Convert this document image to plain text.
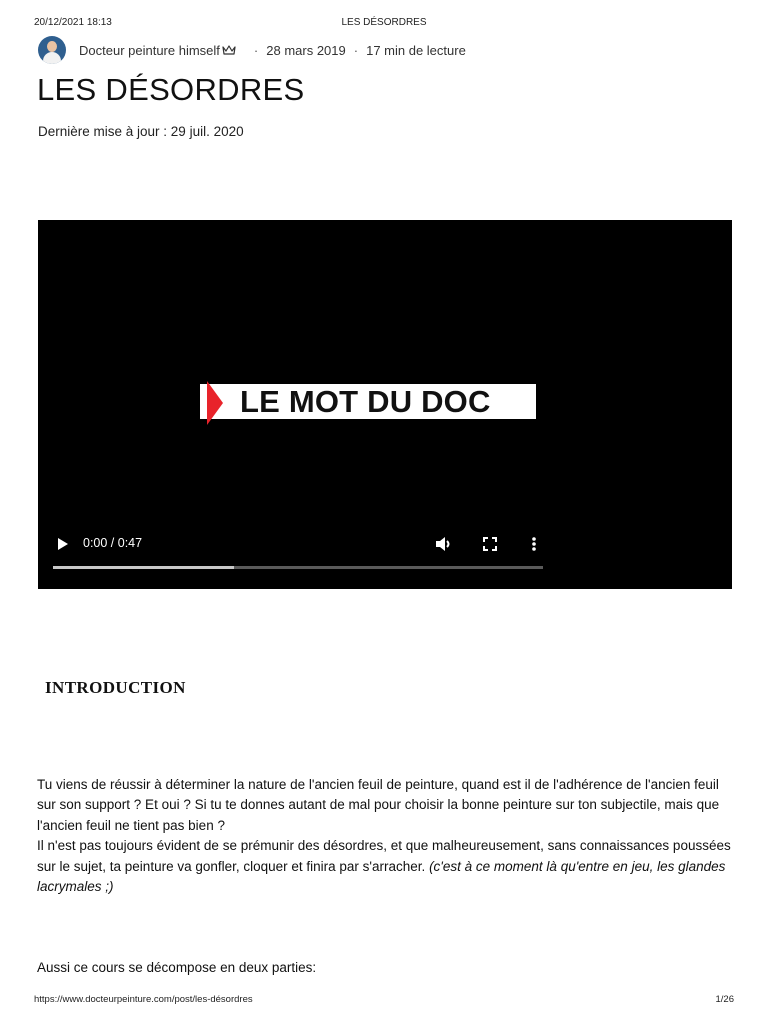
20/12/2021 18:13	LES DÉSORDRES
Docteur peinture himself	· 28 mars 2019 · 17 min de lecture
LES DÉSORDRES
Dernière mise à jour : 29 juil. 2020
LE MOT DU DOC
0:00 / 0:47
INTRODUCTION

Tu viens de réussir à déterminer la nature de l'ancien feuil de peinture, quand est il de l'adhérence de l'ancien feuil sur son support ? Et oui ? Si tu te donnes autant de mal pour choisir la bonne peinture sur ton subjectile, mais que l'ancien feuil ne tient pas bien ?

Il n'est pas toujours évident de se prémunir des désordres, et que malheureusement, sans connaissances poussées sur le sujet, ta peinture va gonfler, cloquer et finira par s'arracher. (c'est à ce moment là qu'entre en jeu, les glandes lacrymales ;)

Aussi ce cours se décompose en deux parties:
https://www.docteurpeinture.com/post/les-désordres	1/26
